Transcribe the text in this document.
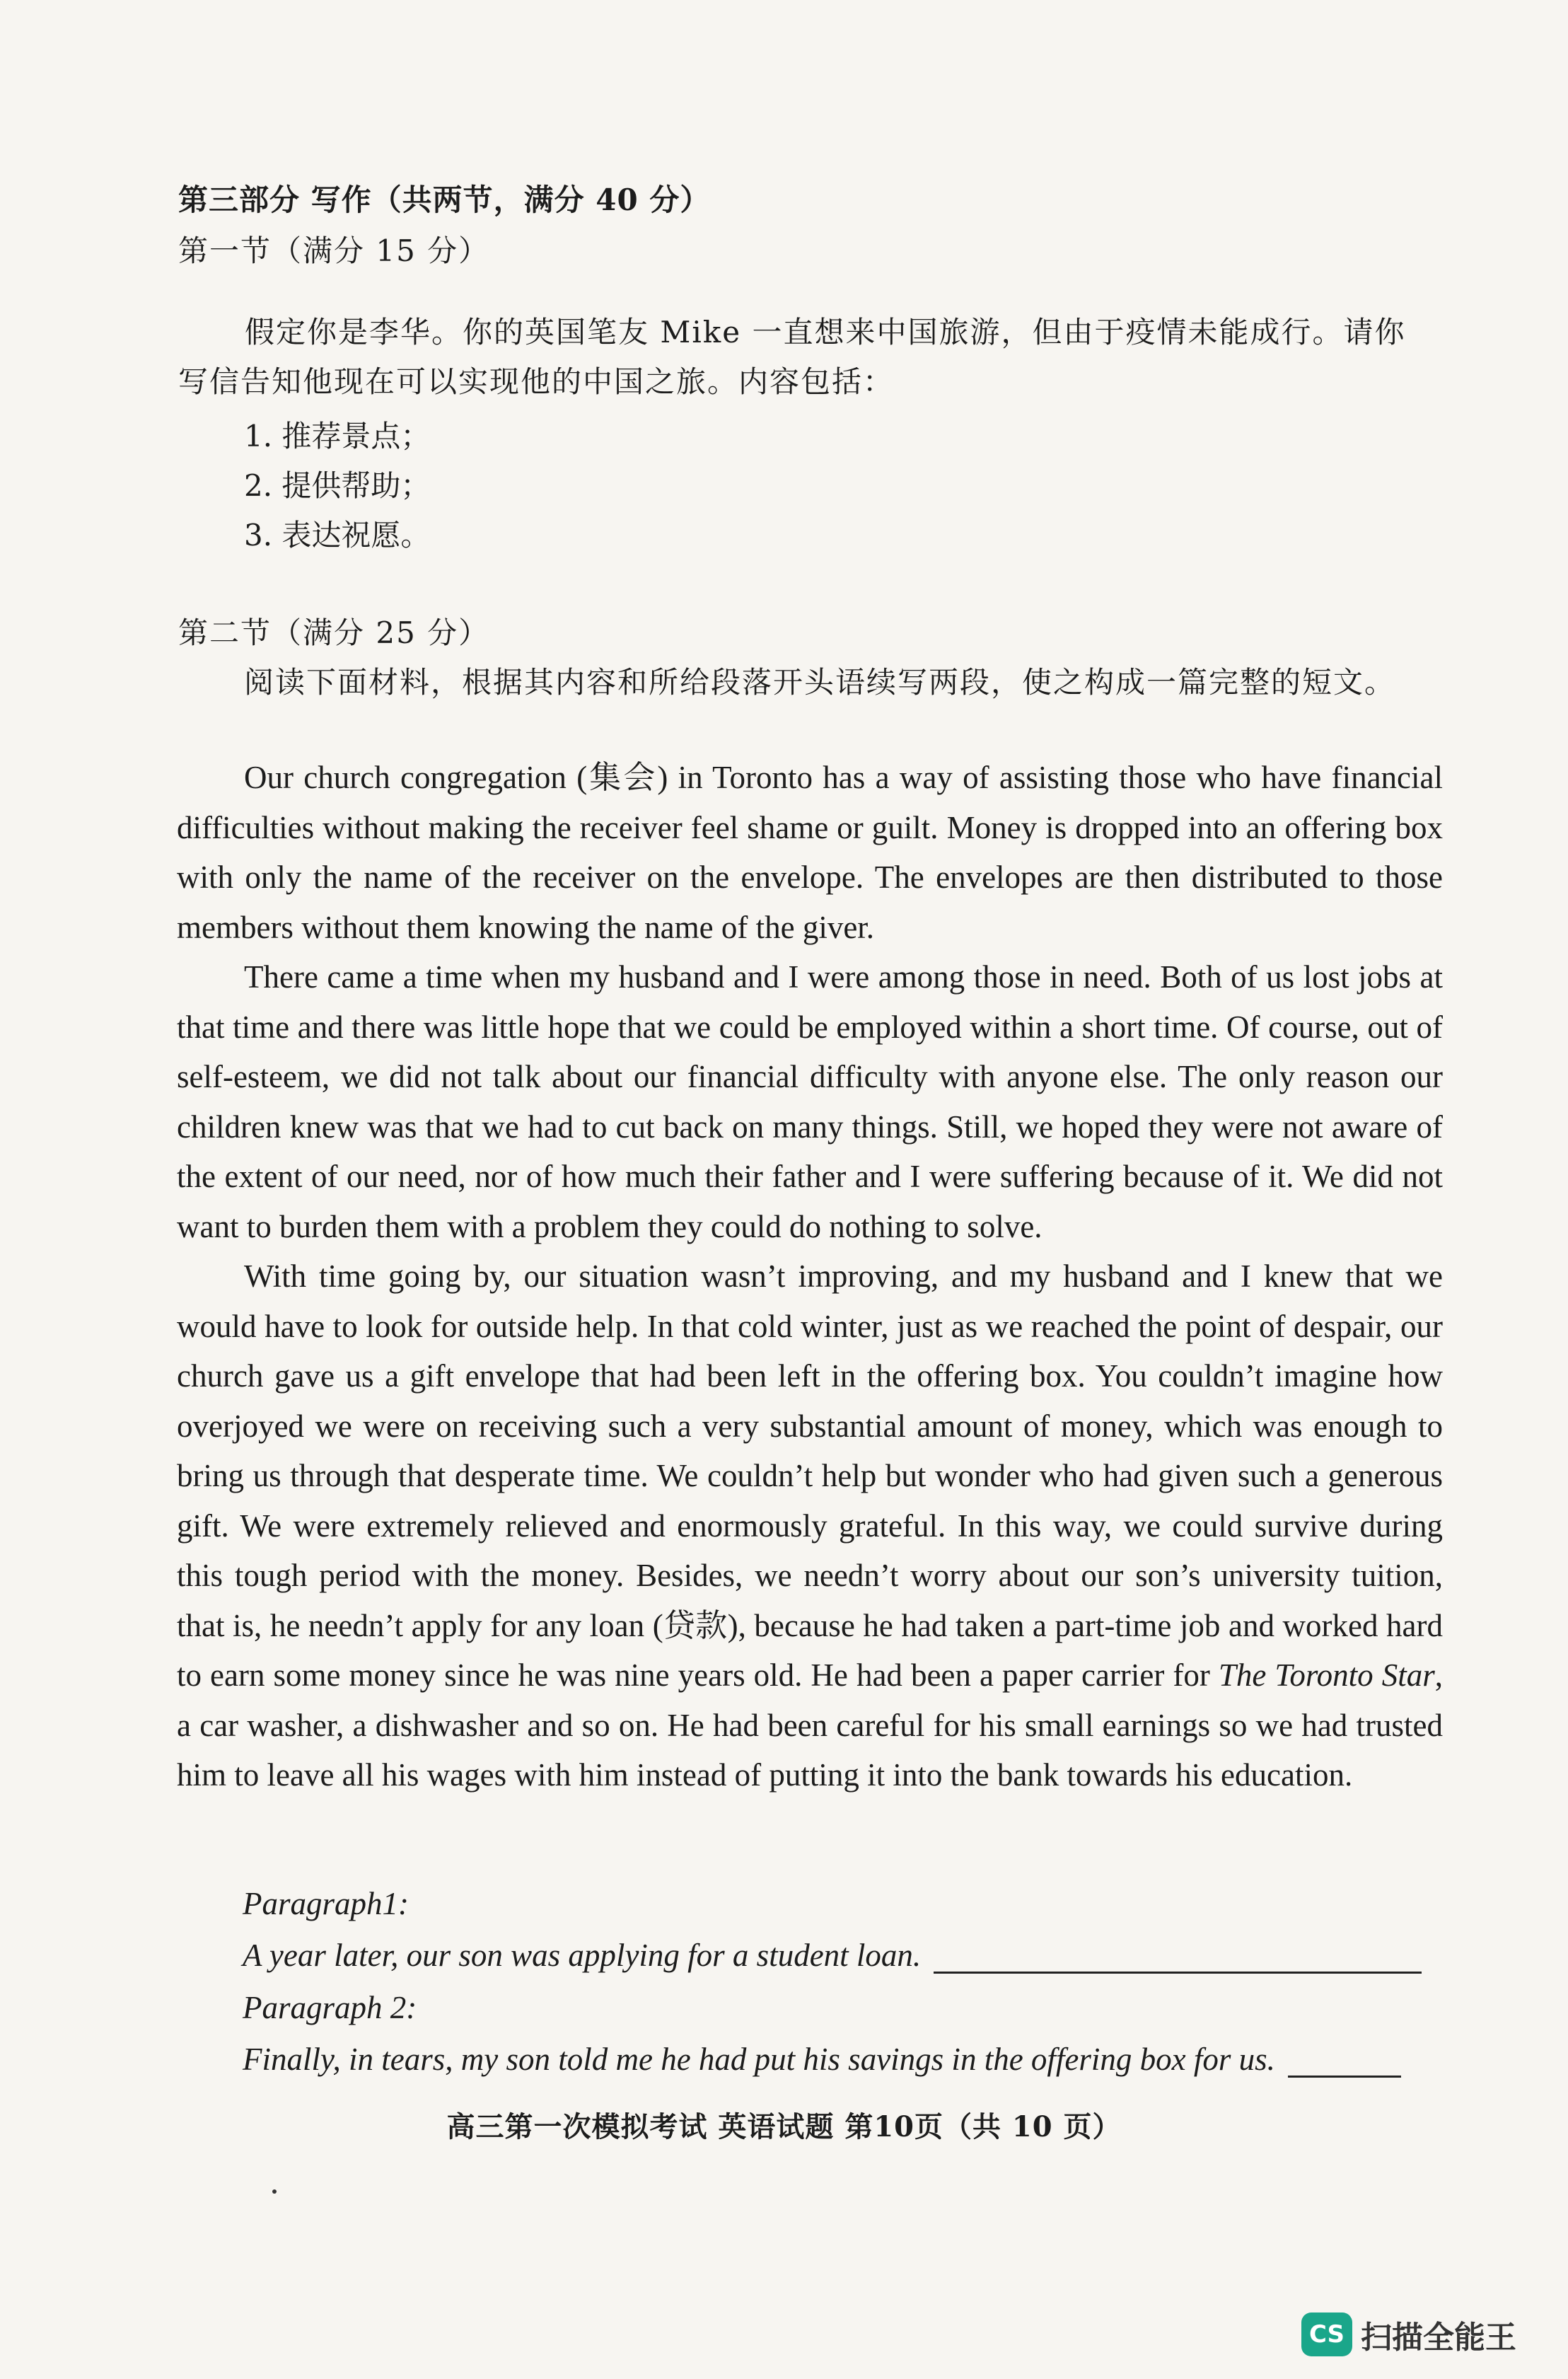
第三部分 写作（共两节，满分 40 分）
第一节（满分 15 分）
假定你是李华。你的英国笔友 Mike 一直想来中国旅游，但由于疫情未能成行。请你写信告知他现在可以实现他的中国之旅。内容包括：
1. 推荐景点；
2. 提供帮助；
3. 表达祝愿。
第二节（满分 25 分）
阅读下面材料，根据其内容和所给段落开头语续写两段，使之构成一篇完整的短文。

Our church congregation (集会) in Toronto has a way of assisting those who have financial difficulties without making the receiver feel shame or guilt. Money is dropped into an offering box with only the name of the receiver on the envelope. The envelopes are then distributed to those members without them knowing the name of the giver.

There came a time when my husband and I were among those in need. Both of us lost jobs at that time and there was little hope that we could be employed within a short time. Of course, out of self-esteem, we did not talk about our financial difficulty with anyone else. The only reason our children knew was that we had to cut back on many things. Still, we hoped they were not aware of the extent of our need, nor of how much their father and I were suffering because of it. We did not want to burden them with a problem they could do nothing to solve.

With time going by, our situation wasn’t improving, and my husband and I knew that we would have to look for outside help. In that cold winter, just as we reached the point of despair, our church gave us a gift envelope that had been left in the offering box. You couldn’t imagine how overjoyed we were on receiving such a very substantial amount of money, which was enough to bring us through that desperate time. We couldn’t help but wonder who had given such a generous gift. We were extremely relieved and enormously grateful. In this way, we could survive during this tough period with the money. Besides, we needn’t worry about our son’s university tuition, that is, he needn’t apply for any loan (贷款), because he had taken a part-time job and worked hard to earn some money since he was nine years old. He had been a paper carrier for The Toronto Star, a car washer, a dishwasher and so on. He had been careful for his small earnings so we had trusted him to leave all his wages with him instead of putting it into the bank towards his education.

Paragraph1:
A year later, our son was applying for a student loan.
Paragraph 2:
Finally, in tears, my son told me he had put his savings in the offering box for us.
高三第一次模拟考试 英语试题 第10页（共 10 页）
CS 扫描全能王
